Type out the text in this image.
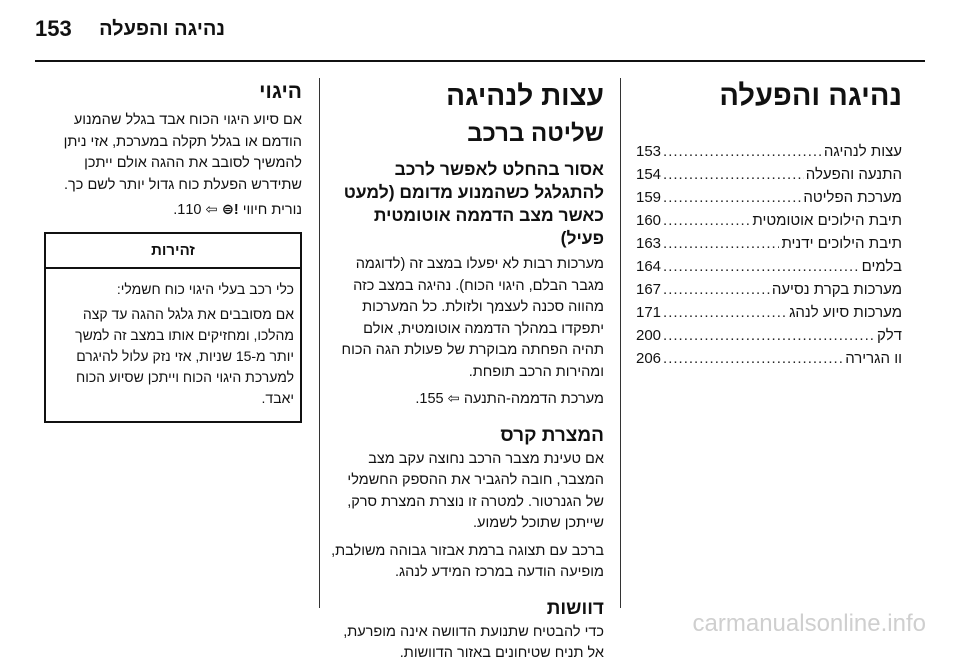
נהיגה והפעלה
153
נהיגה והפעלה
עצות לנהיגה
.....
153
התנעה והפעלה
.....
154
מערכת הפליטה
.....
159
תיבת הילוכים אוטומטית
.....
160
תיבת הילוכים ידנית
.....
163
בלמים
.....
164
מערכות בקרת נסיעה
.....
167
מערכות סיוע לנהג
.....
171
דלק
.....
200
וו הגרירה
.....
206
עצות לנהיגה
שליטה ברכב
אסור בהחלט לאפשר לרכב להתגלגל כשהמנוע מדומם (למעט כאשר מצב הדממה אוטומטית פעיל)

מערכות רבות לא יפעלו במצב זה (לדוגמה מגבר הבלם, היגוי הכוח). נהיגה במצב כזה מהווה סכנה לעצמך ולזולת. כל המערכות יתפקדו במהלך הדממה אוטומטית, אולם תהיה הפחתה מבוקרת של פעולת הגה הכוח ומהירות הרכב תופחת.

מערכת הדממה-התנעה ⇦ 155.

המצרת קרס

אם טעינת מצבר הרכב נחוצה עקב מצב המצבר, חובה להגביר את ההספק החשמלי של הגנרטור. למטרה זו נוצרת המצרת סרק, שייתכן שתוכל לשמוע.

ברכב עם תצוגה ברמת אבזור גבוהה משולבת, מופיעה הודעה במרכז המידע לנהג.

דוושות

כדי להבטיח שתנועת הדוושה אינה מופרעת, אל תניח שטיחונים באזור הדוושות.

היגוי

אם סיוע היגוי הכוח אבד בגלל שהמנוע הודמם או בגלל תקלה במערכת, אזי ניתן להמשיך לסובב את ההגה אולם ייתכן שתידרש הפעלת כוח גדול יותר לשם כך.

נורית חיווי !⊜ ⇦ 110.

זהירות

כלי רכב בעלי היגוי כוח חשמלי:

אם מסובבים את גלגל ההגה עד קצה מהלכו, ומחזיקים אותו במצב זה למשך יותר מ-15 שניות, אזי נזק עלול להיגרם למערכת היגוי הכוח וייתכן שסיוע הכוח יאבד.

carmanualsonline.info
